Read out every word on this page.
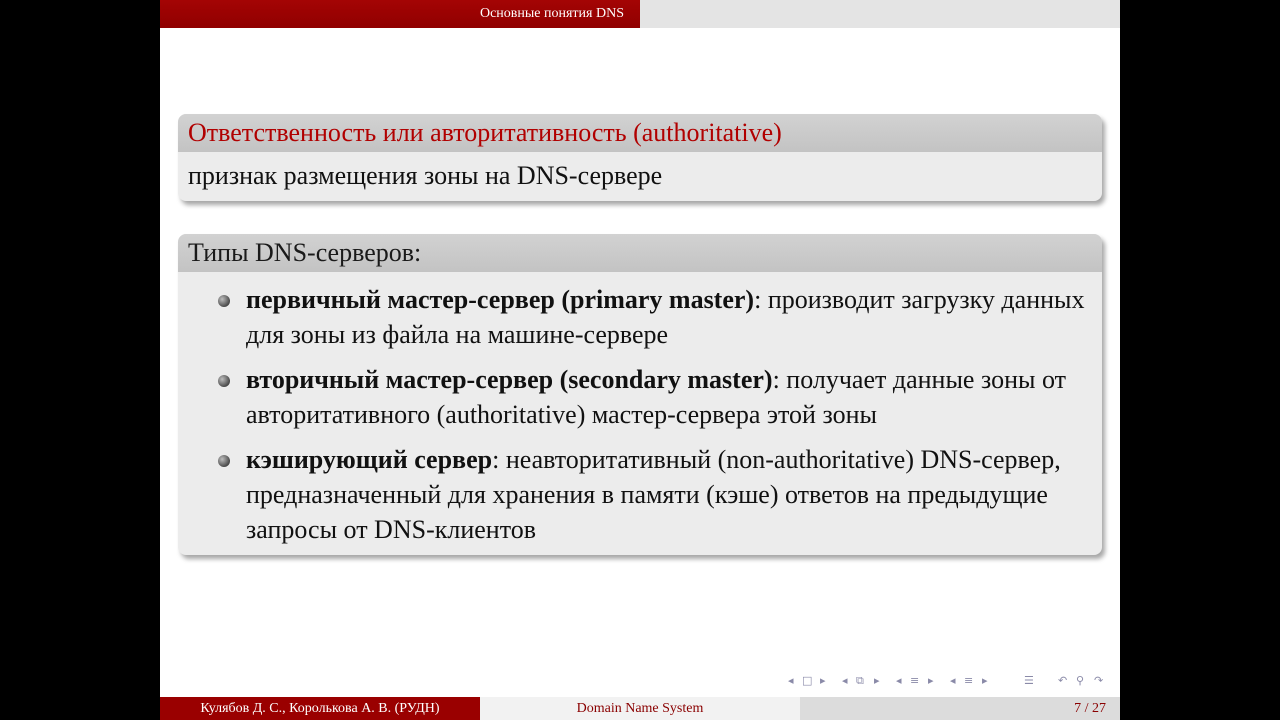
Основные понятия DNS
Ответственность или авторитативность (authoritative)
признак размещения зоны на DNS-сервере
Типы DNS-серверов:
первичный мастер-сервер (primary master): производит загрузку данных для зоны из файла на машине-сервере
вторичный мастер-сервер (secondary master): получает данные зоны от авторитативного (authoritative) мастер-сервера этой зоны
кэширующий сервер: неавторитативный (non-authoritative) DNS-сервер, предназначенный для хранения в памяти (кэше) ответов на предыдущие запросы от DNS-клиентов
◂ □ ▸ ◂ ⧉ ▸ ◂ ≡ ▸ ◂ ≡ ▸	☰ ↶ ⚲ ↷
Кулябов Д. С., Королькова А. В. (РУДН)	Domain Name System	7 / 27
